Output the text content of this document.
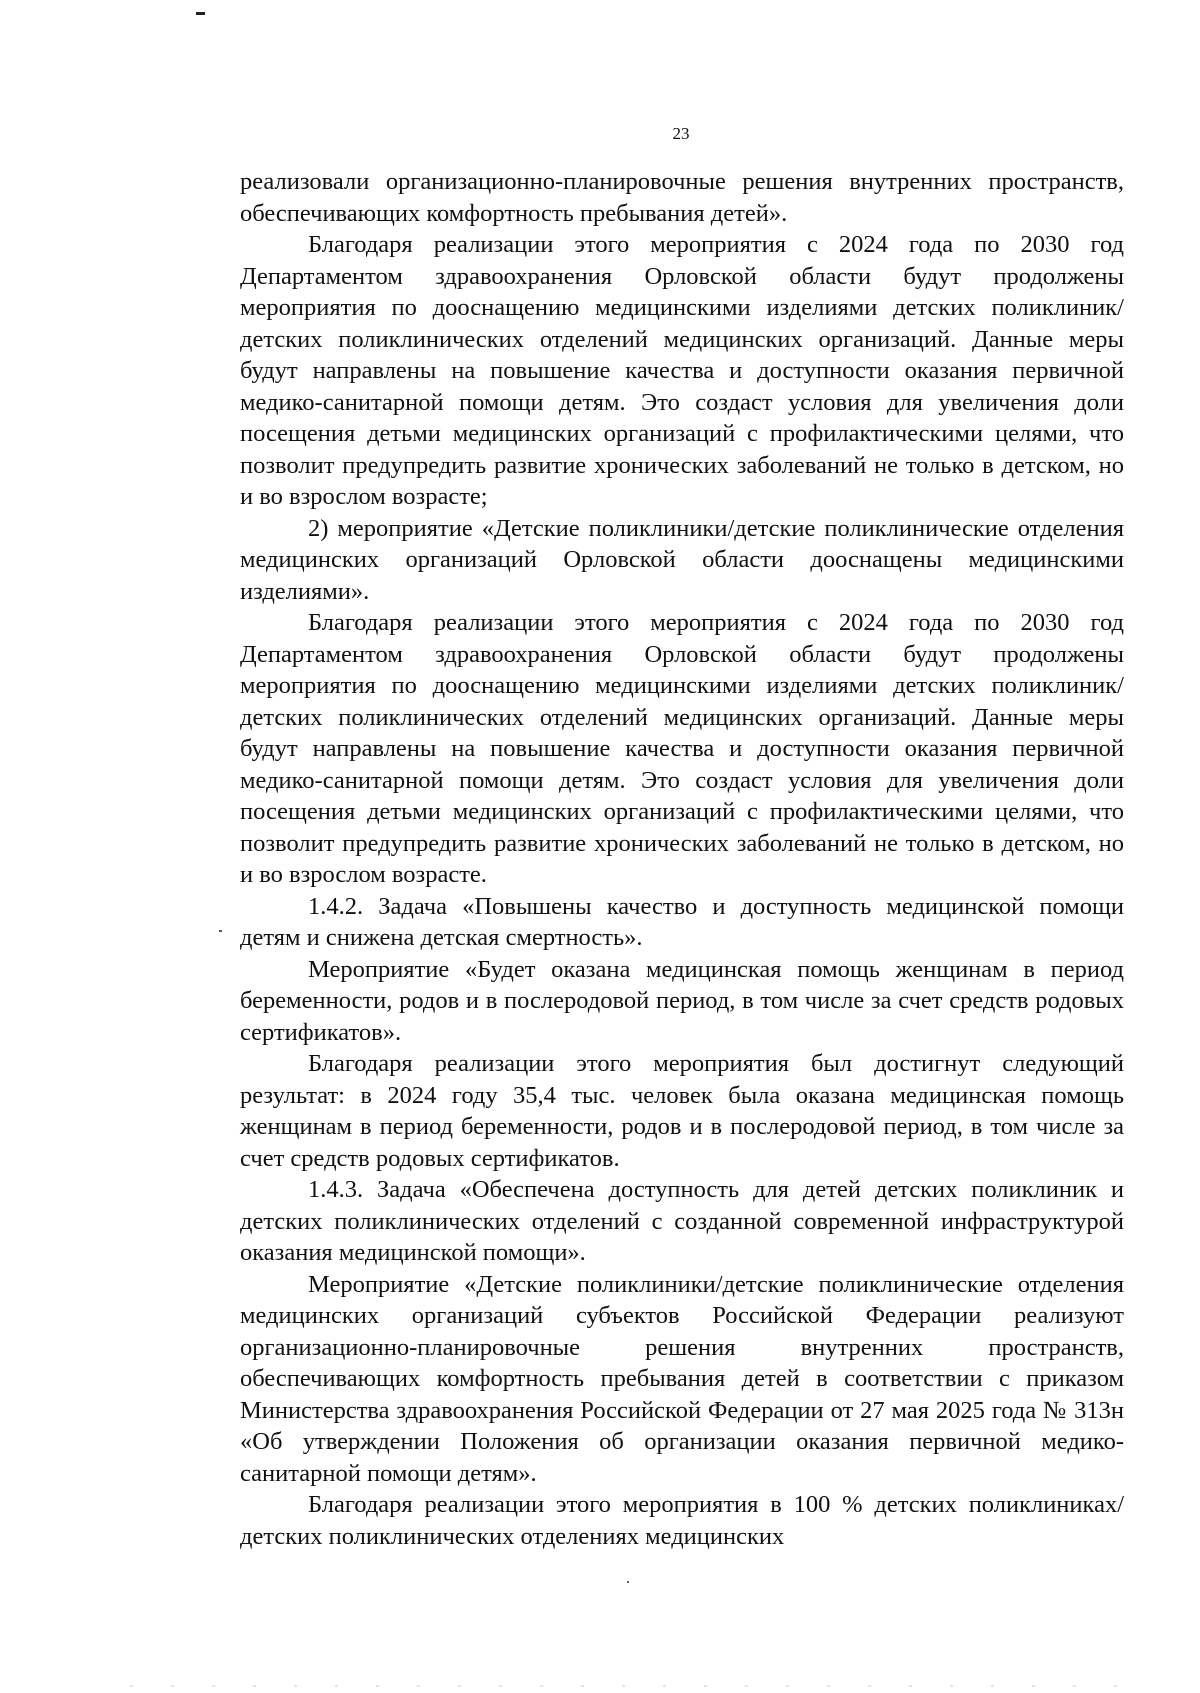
23

реализовали организационно-планировочные решения внутренних пространств, обеспечивающих комфортность пребывания детей».

Благодаря реализации этого мероприятия с 2024 года по 2030 год Департаментом здравоохранения Орловской области будут продолжены мероприятия по дооснащению медицинскими изделиями детских поликлиник/детских поликлинических отделений медицинских организаций. Данные меры будут направлены на повышение качества и доступности оказания первичной медико-санитарной помощи детям. Это создаст условия для увеличения доли посещения детьми медицинских организаций с профилактическими целями, что позволит предупредить развитие хронических заболеваний не только в детском, но и во взрослом возрасте;

2) мероприятие «Детские поликлиники/детские поликлинические отделения медицинских организаций Орловской области дооснащены медицинскими изделиями».

Благодаря реализации этого мероприятия с 2024 года по 2030 год Департаментом здравоохранения Орловской области будут продолжены мероприятия по дооснащению медицинскими изделиями детских поликлиник/детских поликлинических отделений медицинских организаций. Данные меры будут направлены на повышение качества и доступности оказания первичной медико-санитарной помощи детям. Это создаст условия для увеличения доли посещения детьми медицинских организаций с профилактическими целями, что позволит предупредить развитие хронических заболеваний не только в детском, но и во взрослом возрасте.

1.4.2. Задача «Повышены качество и доступность медицинской помощи детям и снижена детская смертность».

Мероприятие «Будет оказана медицинская помощь женщинам в период беременности, родов и в послеродовой период, в том числе за счет средств родовых сертификатов».

Благодаря реализации этого мероприятия был достигнут следующий результат: в 2024 году 35,4 тыс. человек была оказана медицинская помощь женщинам в период беременности, родов и в послеродовой период, в том числе за счет средств родовых сертификатов.

1.4.3. Задача «Обеспечена доступность для детей детских поликлиник и детских поликлинических отделений с созданной современной инфраструктурой оказания медицинской помощи».

Мероприятие «Детские поликлиники/детские поликлинические отделения медицинских организаций субъектов Российской Федерации реализуют организационно-планировочные решения внутренних пространств, обеспечивающих комфортность пребывания детей в соответствии с приказом Министерства здравоохранения Российской Федерации от 27 мая 2025 года № 313н «Об утверждении Положения об организации оказания первичной медико-санитарной помощи детям».

Благодаря реализации этого мероприятия в 100 % детских поликлиниках/детских поликлинических отделениях медицинских
